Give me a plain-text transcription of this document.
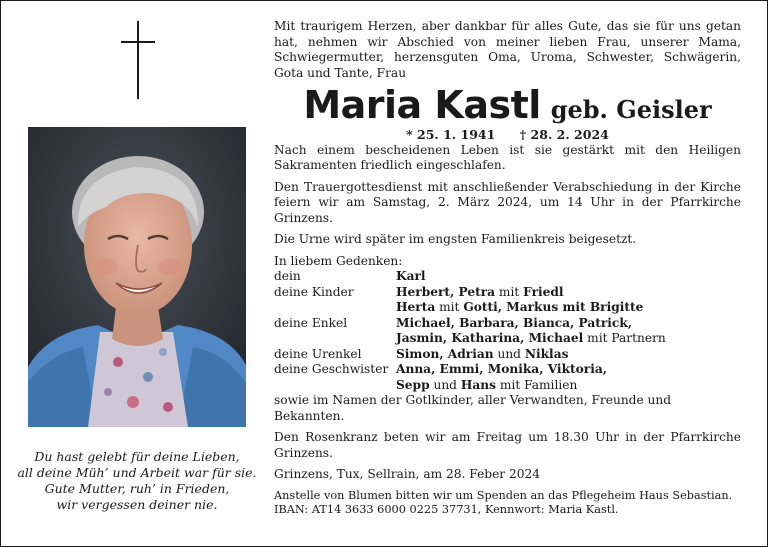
Du hast gelebt für deine Lieben,
all deine Müh’ und Arbeit war für sie.
Gute Mutter, ruh’ in Frieden,
wir vergessen deiner nie.

Mit traurigem Herzen, aber dankbar für alles Gute, das sie für uns getan hat, nehmen wir Abschied von meiner lieben Frau, unserer Mama, Schwiegermutter, herzensguten Oma, Uroma, Schwester, Schwägerin, Gota und Tante, Frau

Maria Kastl geb. Geisler

* 25. 1. 1941 † 28. 2. 2024

Nach einem bescheidenen Leben ist sie gestärkt mit den Heiligen Sakramenten friedlich eingeschlafen.

Den Trauergottesdienst mit anschließender Verabschiedung in der Kirche feiern wir am Samstag, 2. März 2024, um 14 Uhr in der Pfarrkirche Grinzens.

Die Urne wird später im engsten Familienkreis beigesetzt.

In liebem Gedenken:

dein	Karl
deine Kinder	Herbert, Petra mit Friedl
Herta mit Gotti, Markus mit Brigitte
deine Enkel	Michael, Barbara, Bianca, Patrick,
Jasmin, Katharina, Michael mit Partnern
deine Urenkel	Simon, Adrian und Niklas
deine Geschwister Anna, Emmi, Monika, Viktoria,
Sepp und Hans mit Familien

sowie im Namen der Gotlkinder, aller Verwandten, Freunde und Bekannten.

Den Rosenkranz beten wir am Freitag um 18.30 Uhr in der Pfarrkirche Grinzens.

Grinzens, Tux, Sellrain, am 28. Feber 2024

Anstelle von Blumen bitten wir um Spenden an das Pflegeheim Haus Sebastian.
IBAN: AT14 3633 6000 0225 37731, Kennwort: Maria Kastl.
